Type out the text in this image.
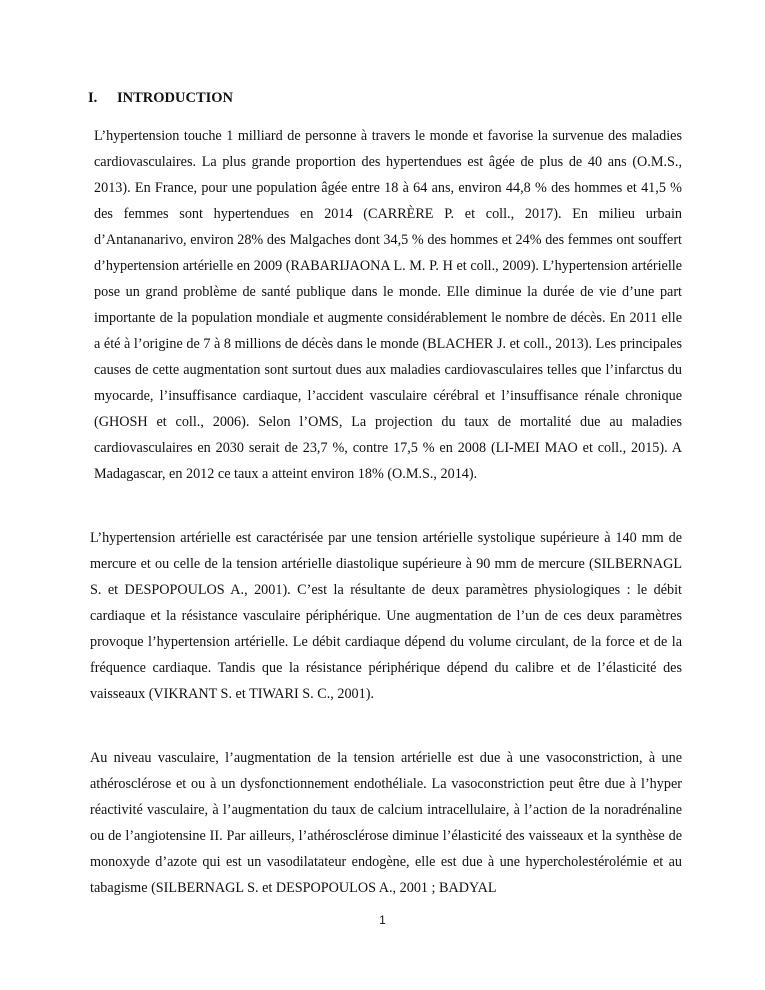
I. INTRODUCTION

L’hypertension touche 1 milliard de personne à travers le monde et favorise la survenue des maladies cardiovasculaires. La plus grande proportion des hypertendues est âgée de plus de 40 ans (O.M.S., 2013). En France, pour une population âgée entre 18 à 64 ans, environ 44,8 % des hommes et 41,5 % des femmes sont hypertendues en 2014 (CARRÈRE P. et coll., 2017). En milieu urbain d’Antananarivo, environ 28% des Malgaches dont 34,5 % des hommes et 24% des femmes ont souffert d’hypertension artérielle en 2009 (RABARIJAONA L. M. P. H et coll., 2009). L’hypertension artérielle pose un grand problème de santé publique dans le monde. Elle diminue la durée de vie d’une part importante de la population mondiale et augmente considérablement le nombre de décès. En 2011 elle a été à l’origine de 7 à 8 millions de décès dans le monde (BLACHER J. et coll., 2013). Les principales causes de cette augmentation sont surtout dues aux maladies cardiovasculaires telles que l’infarctus du myocarde, l’insuffisance cardiaque, l’accident vasculaire cérébral et l’insuffisance rénale chronique (GHOSH et coll., 2006). Selon l’OMS, La projection du taux de mortalité due au maladies cardiovasculaires en 2030 serait de 23,7 %, contre 17,5 % en 2008 (LI-MEI MAO et coll., 2015). A Madagascar, en 2012 ce taux a atteint environ 18% (O.M.S., 2014).

L’hypertension artérielle est caractérisée par une tension artérielle systolique supérieure à 140 mm de mercure et ou celle de la tension artérielle diastolique supérieure à 90 mm de mercure (SILBERNAGL S. et DESPOPOULOS A., 2001). C’est la résultante de deux paramètres physiologiques : le débit cardiaque et la résistance vasculaire périphérique. Une augmentation de l’un de ces deux paramètres provoque l’hypertension artérielle. Le débit cardiaque dépend du volume circulant, de la force et de la fréquence cardiaque. Tandis que la résistance périphérique dépend du calibre et de l’élasticité des vaisseaux (VIKRANT S. et TIWARI S. C., 2001).

Au niveau vasculaire, l’augmentation de la tension artérielle est due à une vasoconstriction, à une athérosclérose et ou à un dysfonctionnement endothéliale. La vasoconstriction peut être due à l’hyper réactivité vasculaire, à l’augmentation du taux de calcium intracellulaire, à l’action de la noradrénaline ou de l’angiotensine II. Par ailleurs, l’athérosclérose diminue l’élasticité des vaisseaux et la synthèse de monoxyde d’azote qui est un vasodilatateur endogène, elle est due à une hypercholestérolémie et au tabagisme (SILBERNAGL S. et DESPOPOULOS A., 2001 ; BADYAL

1
